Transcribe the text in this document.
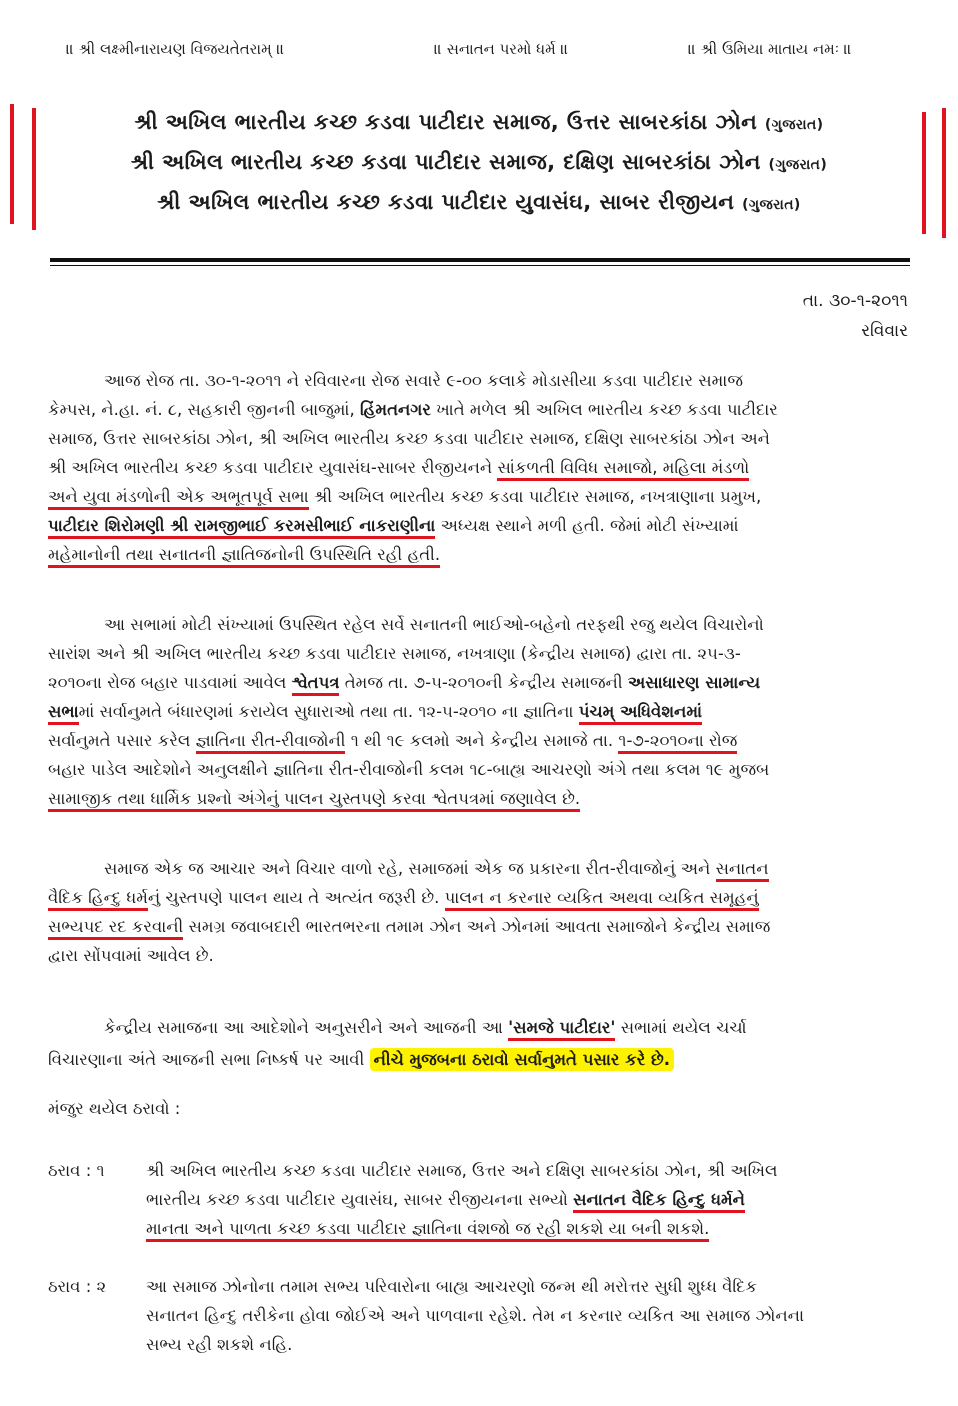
॥ શ્રી લક્ષ્મીનારાયણ વિજયતેતરામ્ ॥	॥ સનાતન પરમો ધર્મ ॥	॥ શ્રી ઉમિયા માતાય નમઃ ॥
શ્રી અખિલ ભારતીય કચ્છ કડવા પાટીદાર સમાજ, ઉત્તર સાબરકાંઠા ઝોન (ગુજરાત)
શ્રી અખિલ ભારતીય કચ્છ કડવા પાટીદાર સમાજ, દક્ષિણ સાબરકાંઠા ઝોન (ગુજરાત)
શ્રી અખિલ ભારતીય કચ્છ કડવા પાટીદાર યુવાસંઘ, સાબર રીજીયન (ગુજરાત)
તા. ૩૦-૧-૨૦૧૧
રવિવાર
આજ રોજ તા. ૩૦-૧-૨૦૧૧ ને રવિવારના રોજ સવારે ૯-૦૦ કલાકે મોડાસીયા કડવા પાટીદાર સમાજ
કેમ્પસ, ને.હા. નં. ૮, સહકારી જીનની બાજુમાં, હિંમતનગર ખાતે મળેલ શ્રી અખિલ ભારતીય કચ્છ કડવા પાટીદાર
સમાજ, ઉત્તર સાબરકાંઠા ઝોન, શ્રી અખિલ ભારતીય કચ્છ કડવા પાટીદાર સમાજ, દક્ષિણ સાબરકાંઠા ઝોન અને
શ્રી અખિલ ભારતીય કચ્છ કડવા પાટીદાર યુવાસંઘ-સાબર રીજીયનને સાંકળતી વિવિધ સમાજો, મહિલા મંડળો
અને યુવા મંડળોની એક અભૂતપૂર્વ સભા શ્રી અખિલ ભારતીય કચ્છ કડવા પાટીદાર સમાજ, નખત્રાણાના પ્રમુખ,
પાટીદાર શિરોમણી શ્રી રામજીભાઈ કરમસીભાઈ નાકરાણીના અધ્યક્ષ સ્થાને મળી હતી. જેમાં મોટી સંખ્યામાં
મહેમાનોની તથા સનાતની જ્ઞાતિજનોની ઉપસ્થિતિ રહી હતી.
આ સભામાં મોટી સંખ્યામાં ઉપસ્થિત રહેલ સર્વે સનાતની ભાઈઓ-બહેનો તરફથી રજુ થયેલ વિચારોનો
સારાંશ અને શ્રી અખિલ ભારતીય કચ્છ કડવા પાટીદાર સમાજ, નખત્રાણા (કેન્દ્રીય સમાજ) દ્વારા તા. ૨૫-૩-
૨૦૧૦ના રોજ બહાર પાડવામાં આવેલ શ્વેતપત્ર તેમજ તા. ૭-૫-૨૦૧૦ની કેન્દ્રીય સમાજની અસાધારણ સામાન્ય
સભામાં સર્વાનુમતે બંધારણમાં કરાયેલ સુધારાઓ તથા તા. ૧૨-૫-૨૦૧૦ ના જ્ઞાતિના પંચમ્ અધિવેશનમાં
સર્વાનુમતે પસાર કરેલ જ્ઞાતિના રીત-રીવાજોની ૧ થી ૧૯ કલમો અને કેન્દ્રીય સમાજે તા. ૧-૭-૨૦૧૦ના રોજ
બહાર પાડેલ આદેશોને અનુલક્ષીને જ્ઞાતિના રીત-રીવાજોની કલમ ૧૮-બાહ્ય આચરણો અંગે તથા કલમ ૧૯ મુજબ
સામાજીક તથા ધાર્મિક પ્રશ્નો અંગેનું પાલન ચુસ્તપણે કરવા શ્વેતપત્રમાં જણાવેલ છે.
સમાજ એક જ આચાર અને વિચાર વાળો રહે, સમાજમાં એક જ પ્રકારના રીત-રીવાજોનું અને સનાતન
વૈદિક હિન્દુ ધર્મનું ચુસ્તપણે પાલન થાય તે અત્યંત જરૂરી છે. પાલન ન કરનાર વ્યકિત અથવા વ્યકિત સમૂહનું
સભ્યપદ રદ કરવાની સમગ્ર જવાબદારી ભારતભરના તમામ ઝોન અને ઝોનમાં આવતા સમાજોને કેન્દ્રીય સમાજ
દ્વારા સોંપવામાં આવેલ છે.
કેન્દ્રીય સમાજના આ આદેશોને અનુસરીને અને આજની આ 'સમજે પાટીદાર' સભામાં થયેલ ચર્ચા
વિચારણાના અંતે આજની સભા નિષ્કર્ષ પર આવી નીચે મુજબના ઠરાવો સર્વાનુમતે પસાર કરે છે.
મંજુર થયેલ ઠરાવો :
ઠરાવ : ૧	શ્રી અખિલ ભારતીય કચ્છ કડવા પાટીદાર સમાજ, ઉત્તર અને દક્ષિણ સાબરકાંઠા ઝોન, શ્રી અખિલ
ભારતીય કચ્છ કડવા પાટીદાર યુવાસંઘ, સાબર રીજીયનના સભ્યો સનાતન વૈદિક હિન્દુ ધર્મને
માનતા અને પાળતા કચ્છ કડવા પાટીદાર જ્ઞાતિના વંશજો જ રહી શકશે યા બની શકશે.
ઠરાવ : ૨ આ સમાજ ઝોનોના તમામ સભ્ય પરિવારોના બાહ્ય આચરણો જન્મ થી મરોત્તર સુધી શુધ્ધ વૈદિક
સનાતન હિન્દુ તરીકેના હોવા જોઈએ અને પાળવાના રહેશે. તેમ ન કરનાર વ્યકિત આ સમાજ ઝોનના
સભ્ય રહી શકશે નહિ.
